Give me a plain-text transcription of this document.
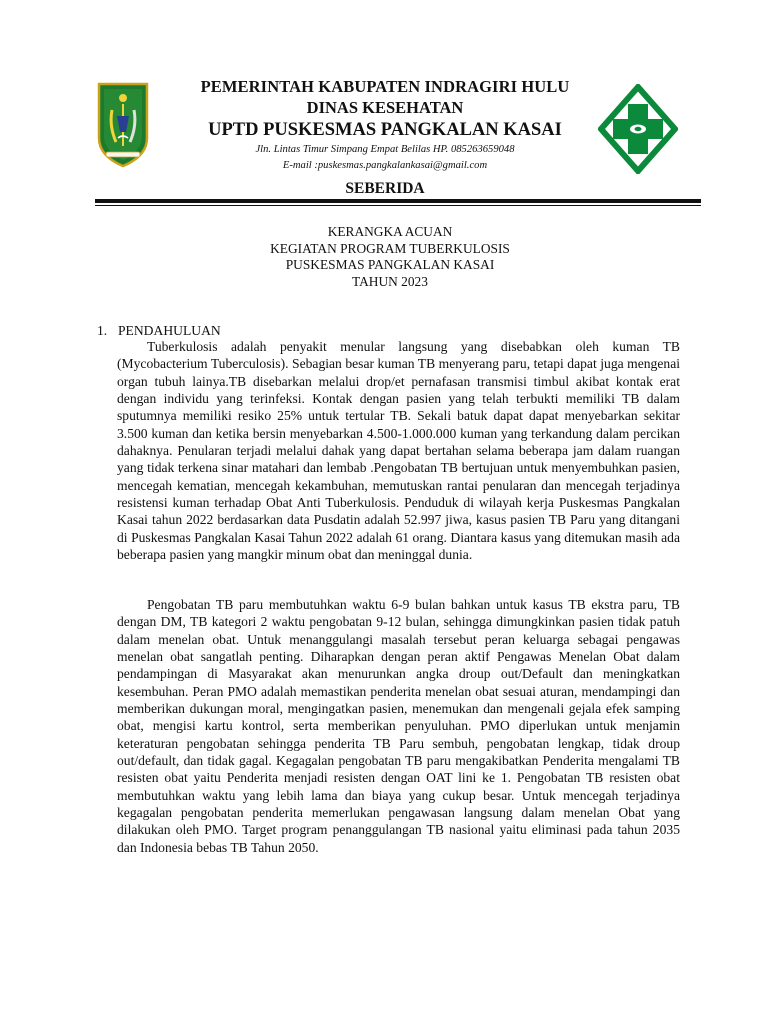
PEMERINTAH KABUPATEN INDRAGIRI HULU

DINAS KESEHATAN

UPTD PUSKESMAS PANGKALAN KASAI

Jln. Lintas Timur Simpang Empat Belilas HP. 085263659048

E-mail :puskesmas.pangkalankasai@gmail.com

SEBERIDA

KERANGKA ACUAN

KEGIATAN PROGRAM TUBERKULOSIS

PUSKESMAS PANGKALAN KASAI

TAHUN 2023

1. PENDAHULUAN

Tuberkulosis adalah penyakit menular langsung yang disebabkan oleh kuman TB (Mycobacterium Tuberculosis). Sebagian besar kuman TB menyerang paru, tetapi dapat juga mengenai organ tubuh lainya.TB disebarkan melalui drop/et pernafasan transmisi timbul akibat kontak erat dengan individu yang terinfeksi. Kontak dengan pasien yang telah terbukti memiliki TB dalam sputumnya memiliki resiko 25% untuk tertular TB. Sekali batuk dapat dapat menyebarkan sekitar 3.500 kuman dan ketika bersin menyebarkan 4.500-1.000.000 kuman yang terkandung dalam percikan dahaknya. Penularan terjadi melalui dahak yang dapat bertahan selama beberapa jam dalam ruangan yang tidak terkena sinar matahari dan lembab .Pengobatan TB bertujuan untuk menyembuhkan pasien, mencegah kematian, mencegah kekambuhan, memutuskan rantai penularan dan mencegah terjadinya resistensi kuman terhadap Obat Anti Tuberkulosis. Penduduk di wilayah kerja Puskesmas Pangkalan Kasai tahun 2022 berdasarkan data Pusdatin adalah 52.997 jiwa, kasus pasien TB Paru yang ditangani di Puskesmas Pangkalan Kasai Tahun 2022 adalah 61 orang. Diantara kasus yang ditemukan masih ada beberapa pasien yang mangkir minum obat dan meninggal dunia.

Pengobatan TB paru membutuhkan waktu 6-9 bulan bahkan untuk kasus TB ekstra paru, TB dengan DM, TB kategori 2 waktu pengobatan 9-12 bulan, sehingga dimungkinkan pasien tidak patuh dalam menelan obat. Untuk menanggulangi masalah tersebut peran keluarga sebagai pengawas menelan obat sangatlah penting. Diharapkan dengan peran aktif Pengawas Menelan Obat dalam pendampingan di Masyarakat akan menurunkan angka droup out/Default dan meningkatkan kesembuhan. Peran PMO adalah memastikan penderita menelan obat sesuai aturan, mendampingi dan memberikan dukungan moral, mengingatkan pasien, menemukan dan mengenali gejala efek samping obat, mengisi kartu kontrol, serta memberikan penyuluhan. PMO diperlukan untuk menjamin keteraturan pengobatan sehingga penderita TB Paru sembuh, pengobatan lengkap, tidak droup out/default, dan tidak gagal. Kegagalan pengobatan TB paru mengakibatkan Penderita mengalami TB resisten obat yaitu Penderita menjadi resisten dengan OAT lini ke 1. Pengobatan TB resisten obat membutuhkan waktu yang lebih lama dan biaya yang cukup besar. Untuk mencegah terjadinya kegagalan pengobatan penderita memerlukan pengawasan langsung dalam menelan Obat yang dilakukan oleh PMO. Target program penanggulangan TB nasional yaitu eliminasi pada tahun 2035 dan Indonesia bebas TB Tahun 2050.
